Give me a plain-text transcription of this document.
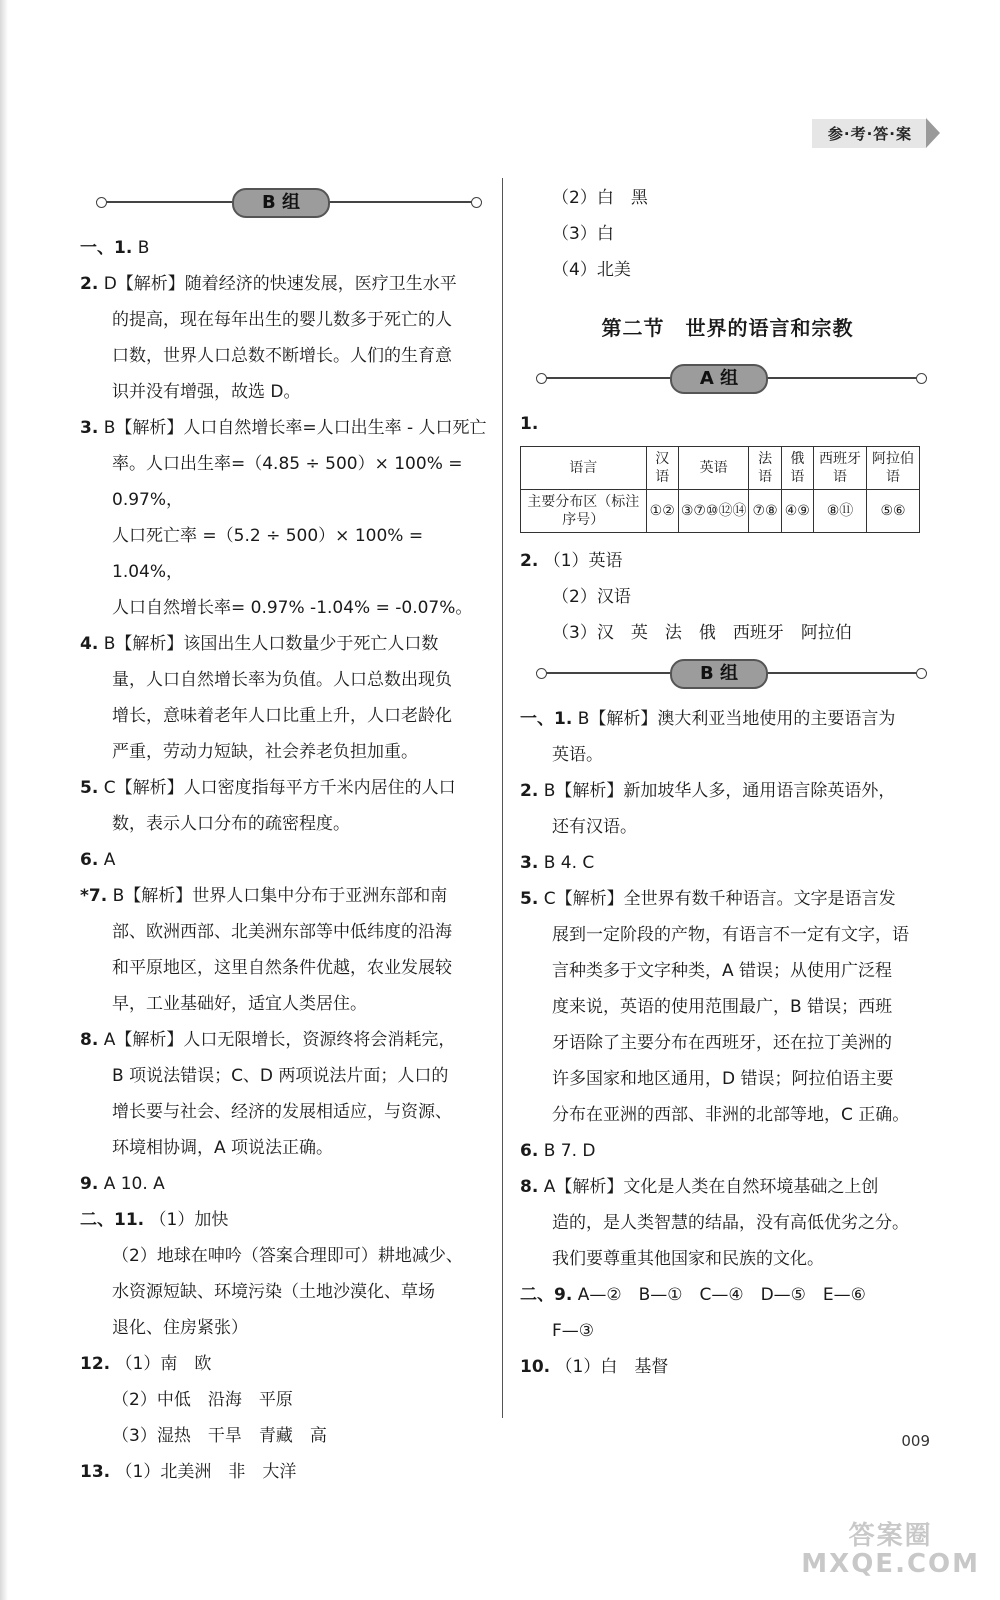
参·考·答·案
B 组
一、1. B
2. D【解析】随着经济的快速发展，医疗卫生水平
的提高，现在每年出生的婴儿数多于死亡的人
口数，世界人口总数不断增长。人们的生育意
识并没有增强，故选 D。
3. B【解析】人口自然增长率=人口出生率 - 人口死亡
率。人口出生率=（4.85 ÷ 500）× 100% = 0.97%，
人口死亡率 =（5.2 ÷ 500）× 100% = 1.04%，
人口自然增长率= 0.97% -1.04% = -0.07%。
4. B【解析】该国出生人口数量少于死亡人口数
量，人口自然增长率为负值。人口总数出现负
增长，意味着老年人口比重上升，人口老龄化
严重，劳动力短缺，社会养老负担加重。
5. C【解析】人口密度指每平方千米内居住的人口
数，表示人口分布的疏密程度。
6. A
*7. B【解析】世界人口集中分布于亚洲东部和南
部、欧洲西部、北美洲东部等中低纬度的沿海
和平原地区，这里自然条件优越，农业发展较
早，工业基础好，适宜人类居住。
8. A【解析】人口无限增长，资源终将会消耗完，
B 项说法错误；C、D 两项说法片面；人口的
增长要与社会、经济的发展相适应，与资源、
环境相协调，A 项说法正确。
9. A 10. A
二、11. （1）加快
（2）地球在呻吟（答案合理即可）耕地减少、
水资源短缺、环境污染（土地沙漠化、草场
退化、住房紧张）
12. （1）南　欧
（2）中低　沿海　平原
（3）湿热　干旱　青藏　高
13. （1）北美洲　非　大洋
（2）白　黑
（3）白
（4）北美
第二节　世界的语言和宗教
A 组
1.
语言	汉语	英语	法语	俄语	西班牙语	阿拉伯语
主要分布区（标注序号）	①②	③⑦⑩⑫⑭	⑦⑧	④⑨	⑧⑪	⑤⑥
2. （1）英语
（2）汉语
（3）汉　英　法　俄　西班牙　阿拉伯
B 组
一、1. B【解析】澳大利亚当地使用的主要语言为
英语。
2. B【解析】新加坡华人多，通用语言除英语外，
还有汉语。
3. B 4. C
5. C【解析】全世界有数千种语言。文字是语言发
展到一定阶段的产物，有语言不一定有文字，语
言种类多于文字种类，A 错误；从使用广泛程
度来说，英语的使用范围最广，B 错误；西班
牙语除了主要分布在西班牙，还在拉丁美洲的
许多国家和地区通用，D 错误；阿拉伯语主要
分布在亚洲的西部、非洲的北部等地，C 正确。
6. B 7. D
8. A【解析】文化是人类在自然环境基础之上创
造的，是人类智慧的结晶，没有高低优劣之分。
我们要尊重其他国家和民族的文化。
二、9. A—②　B—①　C—④　D—⑤　E—⑥
F—③
10. （1）白　基督
009
答案圈
MXQE.COM
